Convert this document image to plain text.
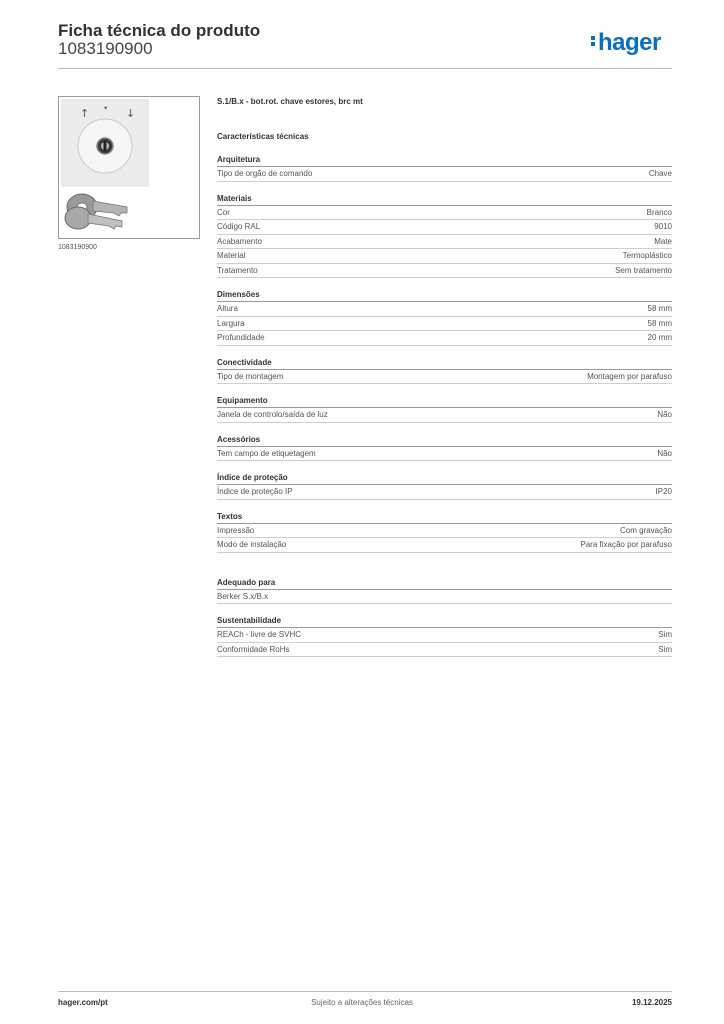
Ficha técnica do produto
1083190900	hager
↑ • ↓
1083190900
S.1/B.x - bot.rot. chave estores, brc mt
Características técnicas
Arquitetura
Tipo de orgão de comando	Chave
Materiais
Cor	Branco
Código RAL	9010
Acabamento	Mate
Material	Termoplástico
Tratamento	Sem tratamento
Dimensões
Altura	58 mm
Largura	58 mm
Profundidade	20 mm
Conectividade
Tipo de montagem	Montagem por parafuso
Equipamento
Janela de controlo/saída de luz	Não
Acessórios
Tem campo de etiquetagem	Não
Índice de proteção
Índice de proteção IP	IP20
Textos
Impressão	Com gravação
Modo de instalação	Para fixação por parafuso
Adequado para
Berker S.x/B.x
Sustentabilidade
REACh - livre de SVHC	Sim
Conformidade RoHs	Sim
hager.com/pt	Sujeito a alterações técnicas	19.12.2025
